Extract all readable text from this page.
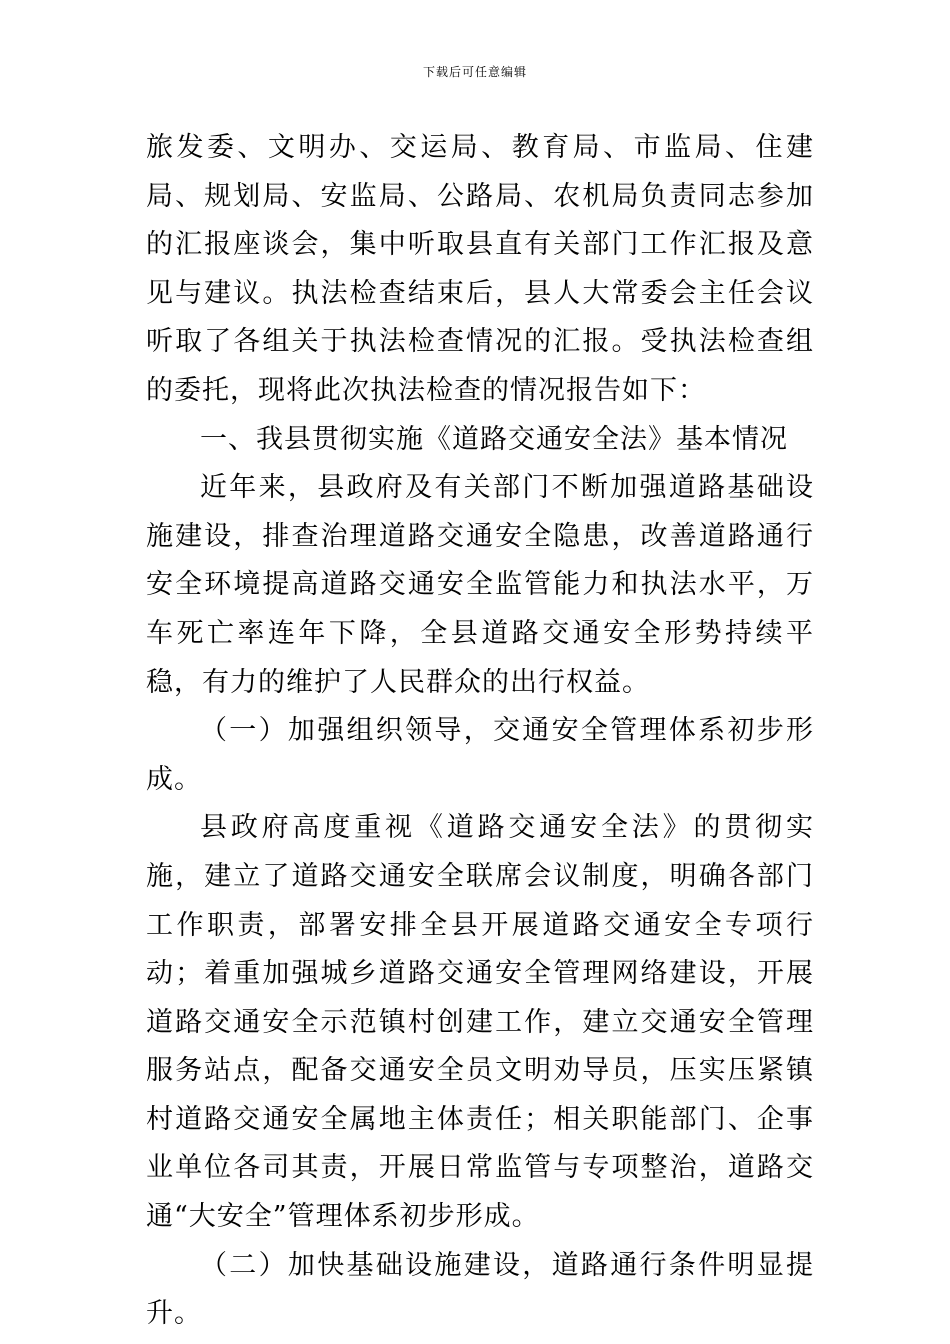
下载后可任意编辑

旅发委、文明办、交运局、教育局、市监局、住建局、规划局、安监局、公路局、农机局负责同志参加的汇报座谈会，集中听取县直有关部门工作汇报及意见与建议。执法检查结束后，县人大常委会主任会议听取了各组关于执法检查情况的汇报。受执法检查组的委托，现将此次执法检查的情况报告如下：

一、我县贯彻实施《道路交通安全法》基本情况

近年来，县政府及有关部门不断加强道路基础设施建设，排查治理道路交通安全隐患，改善道路通行安全环境提高道路交通安全监管能力和执法水平，万车死亡率连年下降，全县道路交通安全形势持续平稳，有力的维护了人民群众的出行权益。

（一）加强组织领导，交通安全管理体系初步形成。

县政府高度重视《道路交通安全法》的贯彻实施，建立了道路交通安全联席会议制度，明确各部门工作职责，部署安排全县开展道路交通安全专项行动；着重加强城乡道路交通安全管理网络建设，开展道路交通安全示范镇村创建工作，建立交通安全管理服务站点，配备交通安全员文明劝导员，压实压紧镇村道路交通安全属地主体责任；相关职能部门、企事业单位各司其责，开展日常监管与专项整治，道路交通“大安全”管理体系初步形成。

（二）加快基础设施建设，道路通行条件明显提升。
